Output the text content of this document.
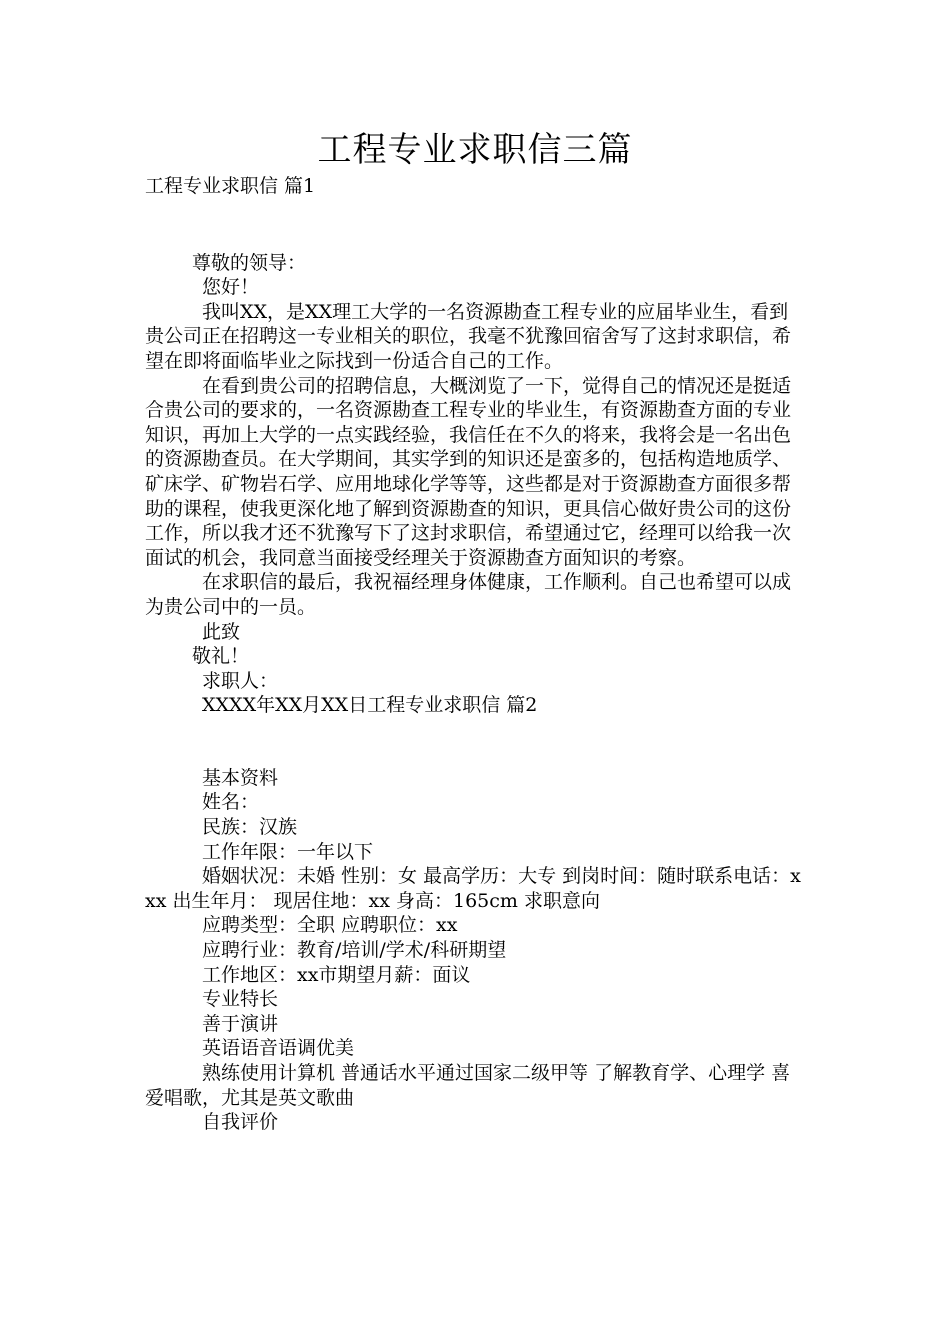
工程专业求职信三篇

工程专业求职信 篇1

尊敬的领导：

您好！

我叫XX，是XX理工大学的一名资源勘查工程专业的应届毕业生，看到贵公司正在招聘这一专业相关的职位，我毫不犹豫回宿舍写了这封求职信，希望在即将面临毕业之际找到一份适合自己的工作。

在看到贵公司的招聘信息，大概浏览了一下，觉得自己的情况还是挺适合贵公司的要求的，一名资源勘查工程专业的毕业生，有资源勘查方面的专业知识，再加上大学的一点实践经验，我信任在不久的将来，我将会是一名出色的资源勘查员。在大学期间，其实学到的知识还是蛮多的，包括构造地质学、矿床学、矿物岩石学、应用地球化学等等，这些都是对于资源勘查方面很多帮助的课程，使我更深化地了解到资源勘查的知识，更具信心做好贵公司的这份工作，所以我才还不犹豫写下了这封求职信，希望通过它，经理可以给我一次面试的机会，我同意当面接受经理关于资源勘查方面知识的考察。

在求职信的最后，我祝福经理身体健康，工作顺利。自己也希望可以成为贵公司中的一员。

此致

敬礼！

求职人：

XXXX年XX月XX日工程专业求职信 篇2

基本资料

姓名：

民族：汉族

工作年限：一年以下

婚姻状况：未婚 性别：女 最高学历：大专 到岗时间：随时联系电话：xxx 出生年月： 现居住地：xx 身高：165cm 求职意向

应聘类型：全职 应聘职位：xx

应聘行业：教育/培训/学术/科研期望

工作地区：xx市期望月薪：面议

专业特长

善于演讲

英语语音语调优美

熟练使用计算机 普通话水平通过国家二级甲等 了解教育学、心理学 喜爱唱歌，尤其是英文歌曲

自我评价
